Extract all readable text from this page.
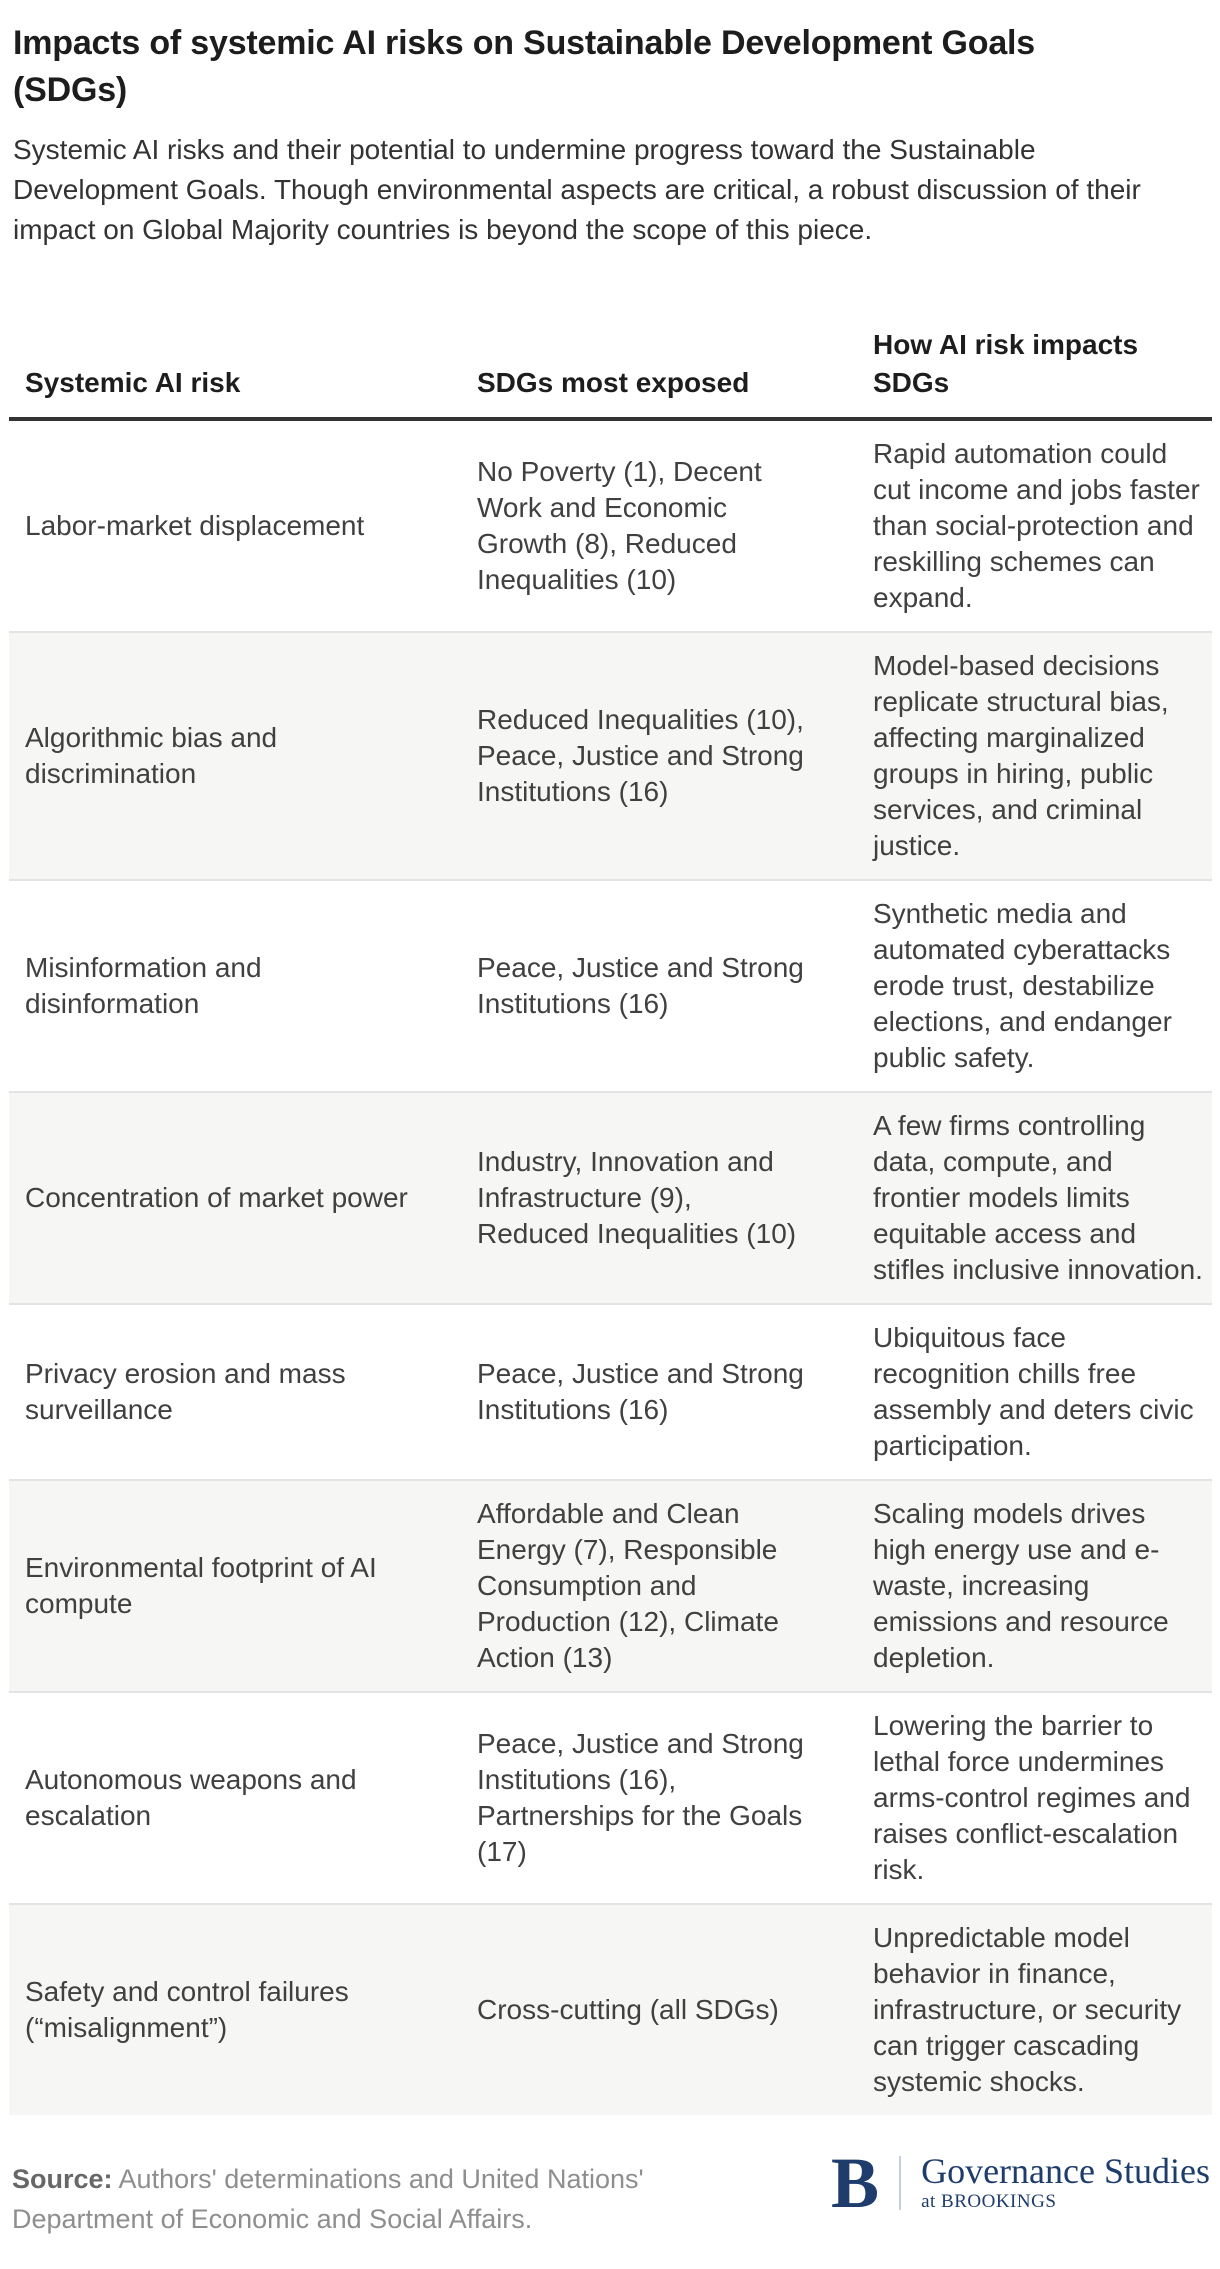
Impacts of systemic AI risks on Sustainable Development Goals (SDGs)

Systemic AI risks and their potential to undermine progress toward the Sustainable Development Goals. Though environmental aspects are critical, a robust discussion of their impact on Global Majority countries is beyond the scope of this piece.

Systemic AI risk	SDGs most exposed	How AI risk impacts SDGs
Labor-market displacement	No Poverty (1), Decent Work and Economic Growth (8), Reduced Inequalities (10)	Rapid automation could cut income and jobs faster than social-protection and reskilling schemes can expand.
Algorithmic bias and discrimination	Reduced Inequalities (10), Peace, Justice and Strong Institutions (16)	Model-based decisions replicate structural bias, affecting marginalized groups in hiring, public services, and criminal justice.
Misinformation and disinformation	Peace, Justice and Strong Institutions (16)	Synthetic media and automated cyberattacks erode trust, destabilize elections, and endanger public safety.
Concentration of market power	Industry, Innovation and Infrastructure (9), Reduced Inequalities (10)	A few firms controlling data, compute, and frontier models limits equitable access and stifles inclusive innovation.
Privacy erosion and mass surveillance	Peace, Justice and Strong Institutions (16)	Ubiquitous face recognition chills free assembly and deters civic participation.
Environmental footprint of AI compute	Affordable and Clean Energy (7), Responsible Consumption and Production (12), Climate Action (13)	Scaling models drives high energy use and e-waste, increasing emissions and resource depletion.
Autonomous weapons and escalation	Peace, Justice and Strong Institutions (16), Partnerships for the Goals (17)	Lowering the barrier to lethal force undermines arms-control regimes and raises conflict-escalation risk.
Safety and control failures (“misalignment”)	Cross-cutting (all SDGs)	Unpredictable model behavior in finance, infrastructure, or security can trigger cascading systemic shocks.

Source: Authors' determinations and United Nations' Department of Economic and Social Affairs.	B Governance Studies
at BROOKINGS
